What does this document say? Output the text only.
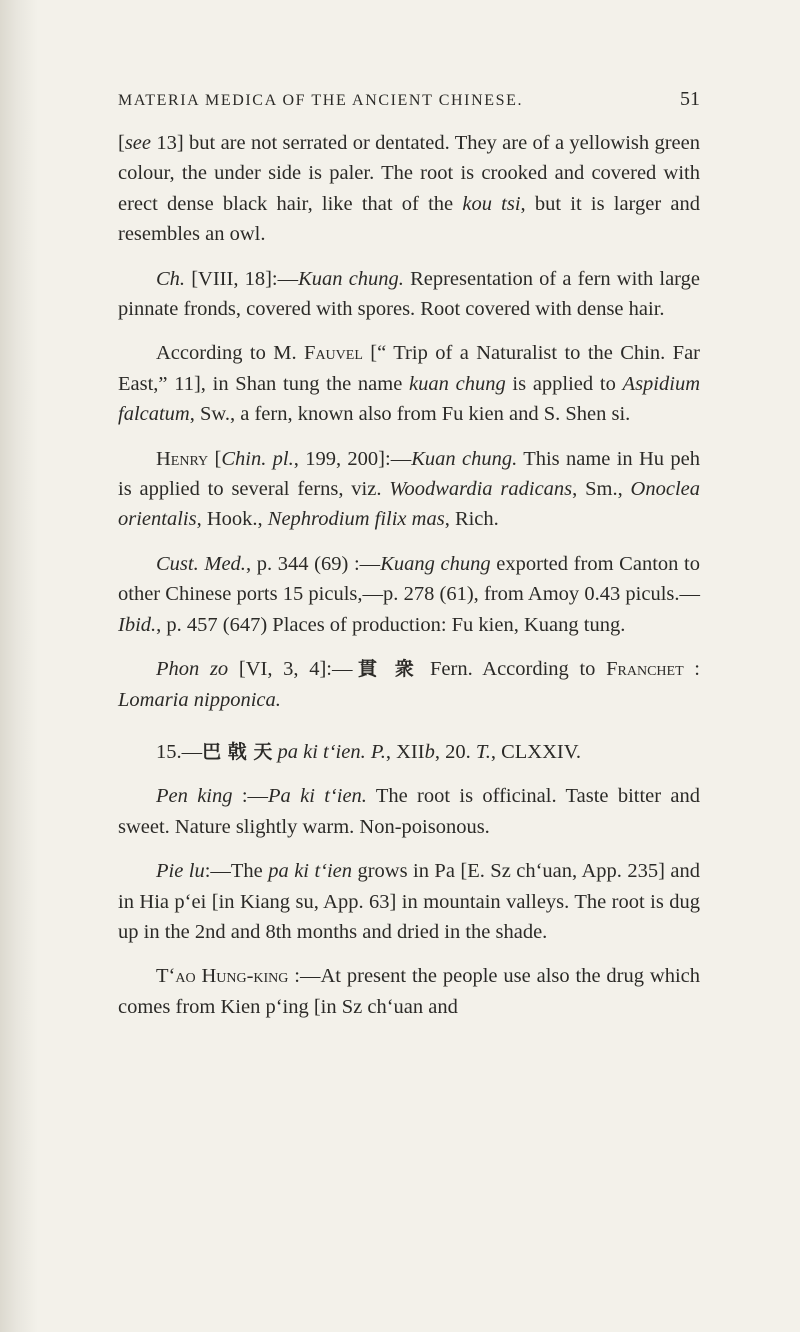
MATERIA MEDICA OF THE ANCIENT CHINESE.	51

[see 13] but are not serrated or dentated. They are of a yellowish green colour, the under side is paler. The root is crooked and covered with erect dense black hair, like that of the kou tsi, but it is larger and resembles an owl.

Ch. [VIII, 18]:—Kuan chung. Representation of a fern with large pinnate fronds, covered with spores. Root covered with dense hair.

According to M. Fauvel [“ Trip of a Naturalist to the Chin. Far East,” 11], in Shan tung the name kuan chung is applied to Aspidium falcatum, Sw., a fern, known also from Fu kien and S. Shen si.

Henry [Chin. pl., 199, 200]:—Kuan chung. This name in Hu peh is applied to several ferns, viz. Woodwardia radicans, Sm., Onoclea orientalis, Hook., Nephrodium filix mas, Rich.

Cust. Med., p. 344 (69) :—Kuang chung exported from Canton to other Chinese ports 15 piculs,—p. 278 (61), from Amoy 0.43 piculs.—Ibid., p. 457 (647) Places of production: Fu kien, Kuang tung.

Phon zo [VI, 3, 4]:—貫 衆 Fern. According to Franchet : Lomaria nipponica.

15.—巴 戟 天 pa ki t‘ien. P., XIIb, 20. T., CLXXIV.

Pen king :—Pa ki t‘ien. The root is officinal. Taste bitter and sweet. Nature slightly warm. Non-poisonous.

Pie lu:—The pa ki t‘ien grows in Pa [E. Sz ch‘uan, App. 235] and in Hia p‘ei [in Kiang su, App. 63] in mountain valleys. The root is dug up in the 2nd and 8th months and dried in the shade.

T‘ao Hung-king :—At present the people use also the drug which comes from Kien p‘ing [in Sz ch‘uan and
